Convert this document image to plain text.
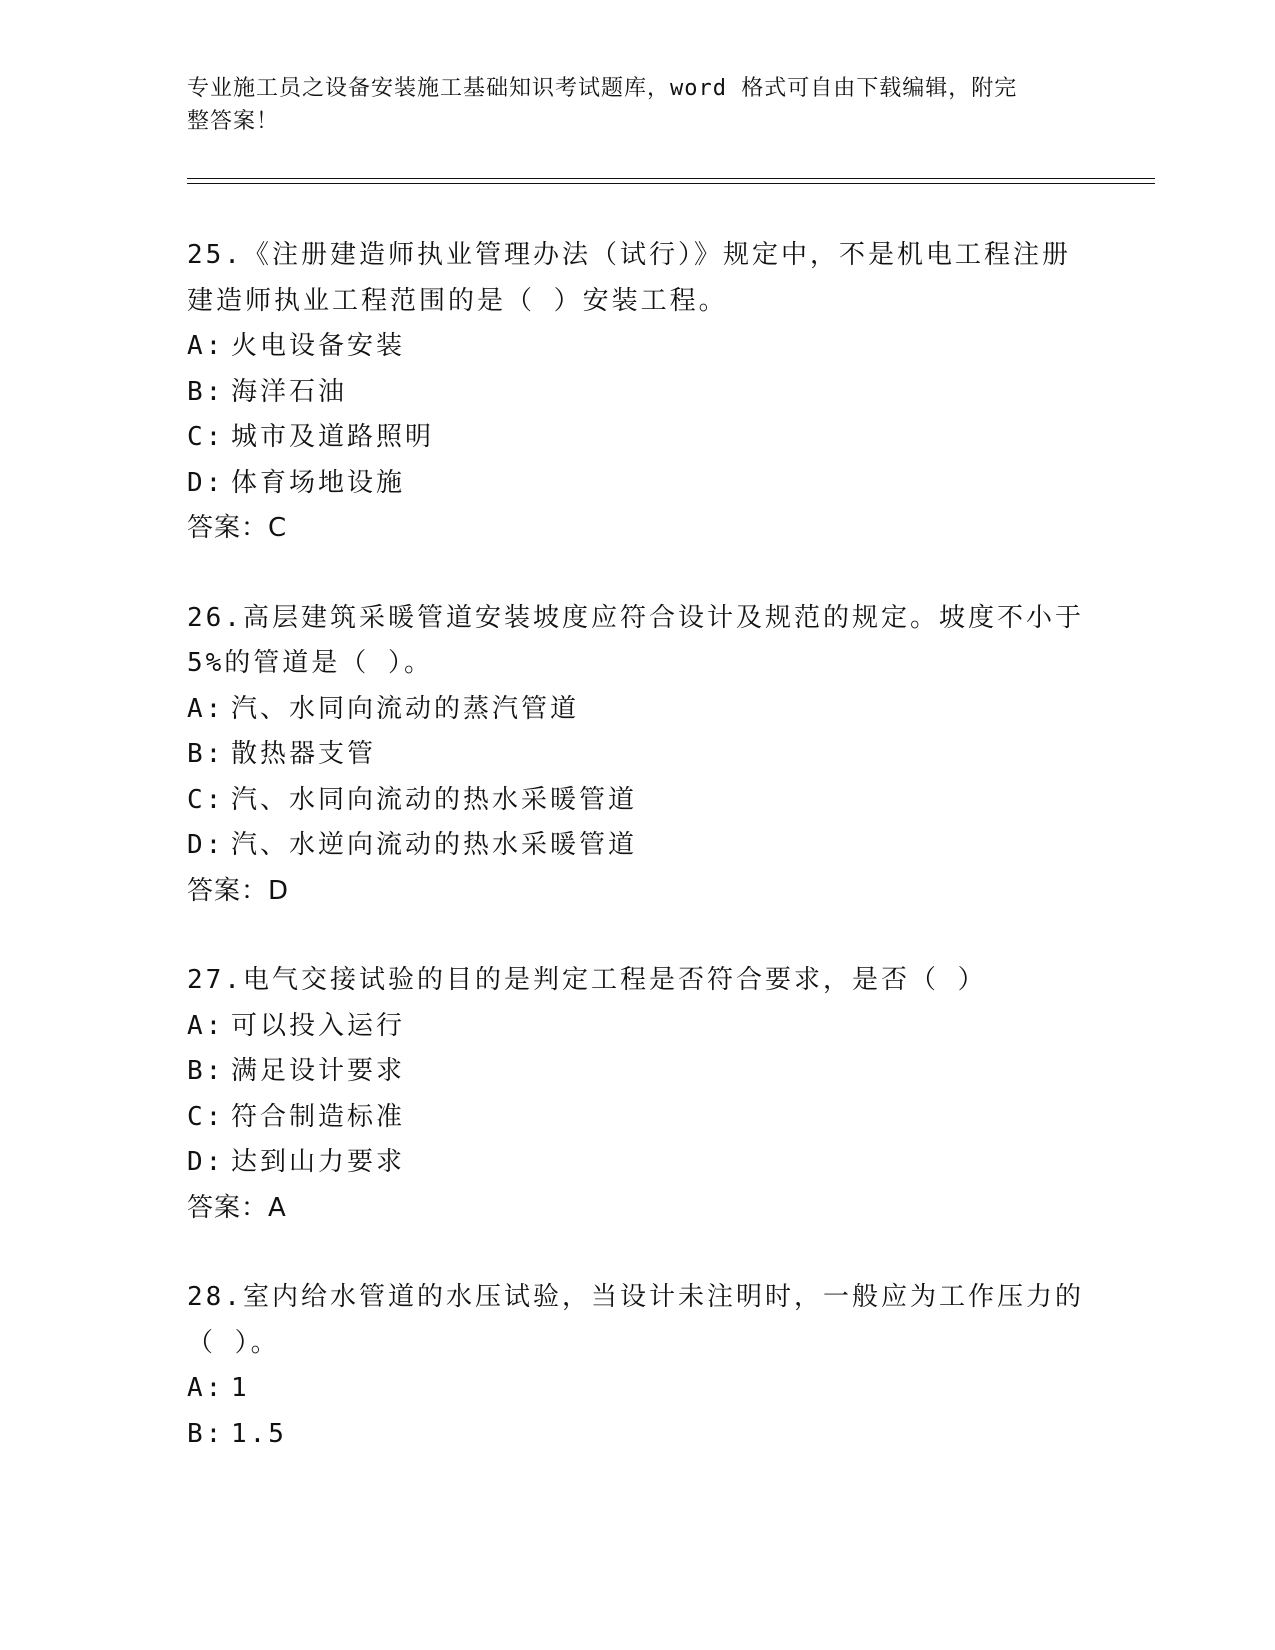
专业施工员之设备安装施工基础知识考试题库，word 格式可自由下载编辑，附完
整答案！
25.《注册建造师执业管理办法（试行）》规定中，不是机电工程注册
建造师执业工程范围的是（ ）安装工程。
A: 火电设备安装
B: 海洋石油
C: 城市及道路照明
D: 体育场地设施
答案：C
26.高层建筑采暖管道安装坡度应符合设计及规范的规定。坡度不小于
5%的管道是（ ）。
A: 汽、水同向流动的蒸汽管道
B: 散热器支管
C: 汽、水同向流动的热水采暖管道
D: 汽、水逆向流动的热水采暖管道
答案：D
27.电气交接试验的目的是判定工程是否符合要求，是否（ ）
A: 可以投入运行
B: 满足设计要求
C: 符合制造标准
D: 达到山力要求
答案：A
28.室内给水管道的水压试验，当设计未注明时，一般应为工作压力的
（ ）。
A: 1
B: 1.5
